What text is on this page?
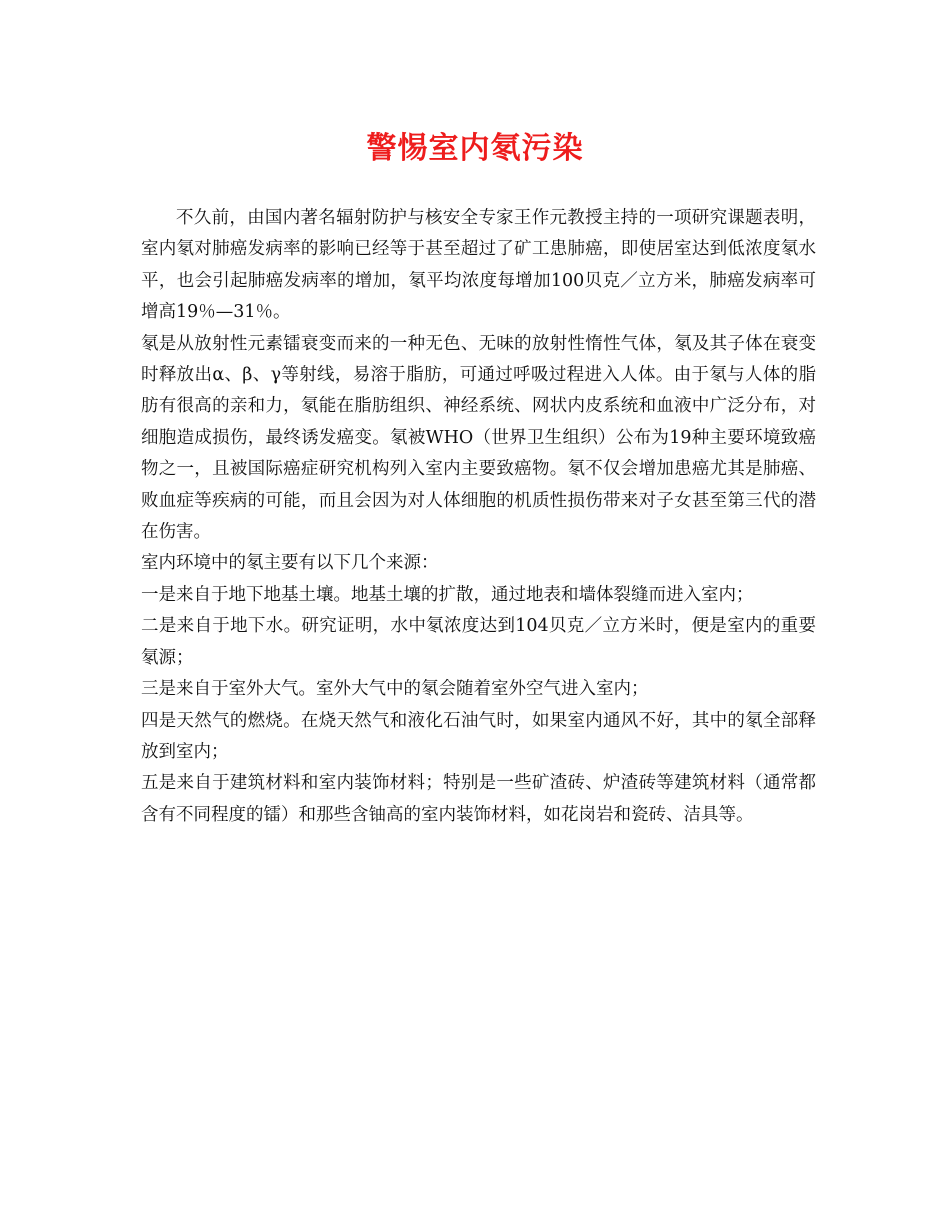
警惕室内氡污染

不久前，由国内著名辐射防护与核安全专家王作元教授主持的一项研究课题表明，室内氡对肺癌发病率的影响已经等于甚至超过了矿工患肺癌，即使居室达到低浓度氡水平，也会引起肺癌发病率的增加，氡平均浓度每增加100贝克／立方米，肺癌发病率可增高19％—31％。

氡是从放射性元素镭衰变而来的一种无色、无味的放射性惰性气体，氡及其子体在衰变时释放出α、β、γ等射线，易溶于脂肪，可通过呼吸过程进入人体。由于氡与人体的脂肪有很高的亲和力，氡能在脂肪组织、神经系统、网状内皮系统和血液中广泛分布，对细胞造成损伤，最终诱发癌变。氡被WHO（世界卫生组织）公布为19种主要环境致癌物之一，且被国际癌症研究机构列入室内主要致癌物。氡不仅会增加患癌尤其是肺癌、败血症等疾病的可能，而且会因为对人体细胞的机质性损伤带来对子女甚至第三代的潜在伤害。

室内环境中的氡主要有以下几个来源：

一是来自于地下地基土壤。地基土壤的扩散，通过地表和墙体裂缝而进入室内；

二是来自于地下水。研究证明，水中氡浓度达到104贝克／立方米时，便是室内的重要氡源；

三是来自于室外大气。室外大气中的氡会随着室外空气进入室内；

四是天然气的燃烧。在烧天然气和液化石油气时，如果室内通风不好，其中的氡全部释放到室内；

五是来自于建筑材料和室内装饰材料；特别是一些矿渣砖、炉渣砖等建筑材料（通常都含有不同程度的镭）和那些含铀高的室内装饰材料，如花岗岩和瓷砖、洁具等。
